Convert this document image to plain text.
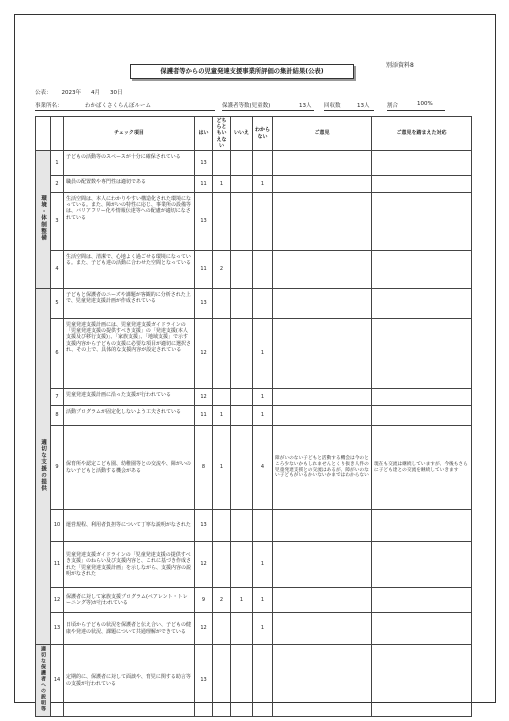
別添資料8
保護者等からの児童発達支援事業所評価の集計結果(公表)
公表： 2023年 4月 30日
事業所名：	わかばくさくらんぼルーム	保護者等数(児童数)	13人 回収数	13人	割合	100%
		チェック項目	はい	どちらともいえない	いいえ	わからない	ご意見	ご意見を踏まえた対応
環境・体制整備	1	子どもの活動等のスペースが十分に確保されている	13					
	2	職員の配置数や専門性は適切である	11	1		1		
	3	生活空間は、本人にわかりやすい構造化された環境になっている。また、障がいの特性に応じ、事業所の設備等は、バリアフリー化や情報伝達等への配慮が適切になされている	13					
	4	生活空間は、清潔で、心地よく過ごせる環境になっている。また、子ども達の活動に合わせた空間となっている	11	2				
適切な支援の提供	5	子どもと保護者のニーズや課題が客観的に分析された上で、児童発達支援計画が作成されている	13					
	6	児童発達支援計画には、児童発達支援ガイドラインの「児童発達支援の提供すべき支援」の「発達支援(本人支援及び移行支援)」、「家族支援」、「地域支援」で示す支援内容から子どもの支援に必要な項目が適切に選択され、その上で、具体的な支援内容が設定されている	12			1		
	7	児童発達支援計画に沿った支援が行われている	12			1		
	8	活動プログラムが固定化しないよう工夫されている	11	1		1		
	9	保育所や認定こども園、幼稚園等との交流や、障がいのない子どもと活動する機会がある	8	1		4	障がいのない子どもと活動する機会は今のところ少ないかもしれませんとくり抜き人件の児童発達支援との交流はあるが、障がいのない子どもがいるかいないかまではわからない	現在も交流は継続していますが、今後もさらに子ども達との交流を継続していきます
	10	運営規程、利用者負担等について丁寧な説明がなされた	13					
	11	児童発達支援ガイドラインの「児童発達支援の提供すべき支援」のねらい及び支援内容と、これに基づき作成された「児童発達支援計画」を示しながら、支援内容の説明がなされた	12			1		
	12	保護者に対して家族支援プログラム(ペアレント・トレーニング等)が行われている	9	2	1	1		
	13	日頃から子どもの状況を保護者と伝え合い、子どもの健康や発達の状況、課題について共通理解ができている	12			1		
適切な保護者への説明等	14	定期的に、保護者に対して面談や、育児に関する助言等の支援が行われている	13					
